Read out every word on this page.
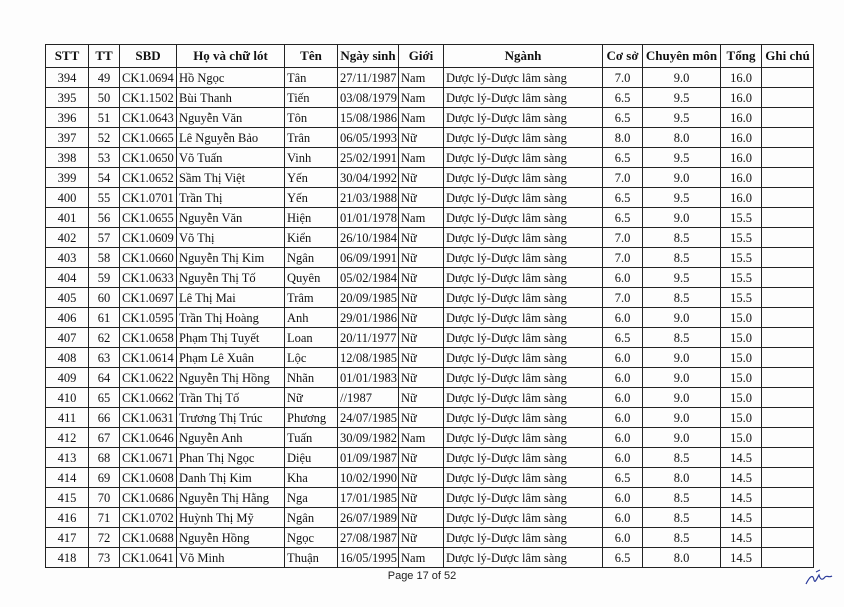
STT	TT	SBD	Họ và chữ lót	Tên	Ngày sinh	Giới	Ngành	Cơ sở	Chuyên môn	Tổng	Ghi chú
394	49	CK1.0694	Hồ Ngọc	Tân	27/11/1987	Nam	Dược lý-Dược lâm sàng	7.0	9.0	16.0	
395	50	CK1.1502	Bùi Thanh	Tiến	03/08/1979	Nam	Dược lý-Dược lâm sàng	6.5	9.5	16.0	
396	51	CK1.0643	Nguyễn Văn	Tôn	15/08/1986	Nam	Dược lý-Dược lâm sàng	6.5	9.5	16.0	
397	52	CK1.0665	Lê Nguyễn Bảo	Trân	06/05/1993	Nữ	Dược lý-Dược lâm sàng	8.0	8.0	16.0	
398	53	CK1.0650	Võ Tuấn	Vinh	25/02/1991	Nam	Dược lý-Dược lâm sàng	6.5	9.5	16.0	
399	54	CK1.0652	Sầm Thị Việt	Yến	30/04/1992	Nữ	Dược lý-Dược lâm sàng	7.0	9.0	16.0	
400	55	CK1.0701	Trần Thị	Yến	21/03/1988	Nữ	Dược lý-Dược lâm sàng	6.5	9.5	16.0	
401	56	CK1.0655	Nguyễn Văn	Hiện	01/01/1978	Nam	Dược lý-Dược lâm sàng	6.5	9.0	15.5	
402	57	CK1.0609	Võ Thị	Kiển	26/10/1984	Nữ	Dược lý-Dược lâm sàng	7.0	8.5	15.5	
403	58	CK1.0660	Nguyễn Thị Kim	Ngân	06/09/1991	Nữ	Dược lý-Dược lâm sàng	7.0	8.5	15.5	
404	59	CK1.0633	Nguyễn Thị Tố	Quyên	05/02/1984	Nữ	Dược lý-Dược lâm sàng	6.0	9.5	15.5	
405	60	CK1.0697	Lê Thị Mai	Trâm	20/09/1985	Nữ	Dược lý-Dược lâm sàng	7.0	8.5	15.5	
406	61	CK1.0595	Trần Thị Hoàng	Anh	29/01/1986	Nữ	Dược lý-Dược lâm sàng	6.0	9.0	15.0	
407	62	CK1.0658	Phạm Thị Tuyết	Loan	20/11/1977	Nữ	Dược lý-Dược lâm sàng	6.5	8.5	15.0	
408	63	CK1.0614	Phạm Lê Xuân	Lộc	12/08/1985	Nữ	Dược lý-Dược lâm sàng	6.0	9.0	15.0	
409	64	CK1.0622	Nguyễn Thị Hồng	Nhãn	01/01/1983	Nữ	Dược lý-Dược lâm sàng	6.0	9.0	15.0	
410	65	CK1.0662	Trần Thị Tố	Nữ	//1987	Nữ	Dược lý-Dược lâm sàng	6.0	9.0	15.0	
411	66	CK1.0631	Trương Thị Trúc	Phương	24/07/1985	Nữ	Dược lý-Dược lâm sàng	6.0	9.0	15.0	
412	67	CK1.0646	Nguyễn Anh	Tuấn	30/09/1982	Nam	Dược lý-Dược lâm sàng	6.0	9.0	15.0	
413	68	CK1.0671	Phan Thị Ngọc	Diệu	01/09/1987	Nữ	Dược lý-Dược lâm sàng	6.0	8.5	14.5	
414	69	CK1.0608	Danh Thị Kim	Kha	10/02/1990	Nữ	Dược lý-Dược lâm sàng	6.5	8.0	14.5	
415	70	CK1.0686	Nguyễn Thị Hằng	Nga	17/01/1985	Nữ	Dược lý-Dược lâm sàng	6.0	8.5	14.5	
416	71	CK1.0702	Huỳnh Thị Mỹ	Ngân	26/07/1989	Nữ	Dược lý-Dược lâm sàng	6.0	8.5	14.5	
417	72	CK1.0688	Nguyễn Hồng	Ngọc	27/08/1987	Nữ	Dược lý-Dược lâm sàng	6.0	8.5	14.5	
418	73	CK1.0641	Võ Minh	Thuận	16/05/1995	Nam	Dược lý-Dược lâm sàng	6.5	8.0	14.5	
Page 17 of 52
